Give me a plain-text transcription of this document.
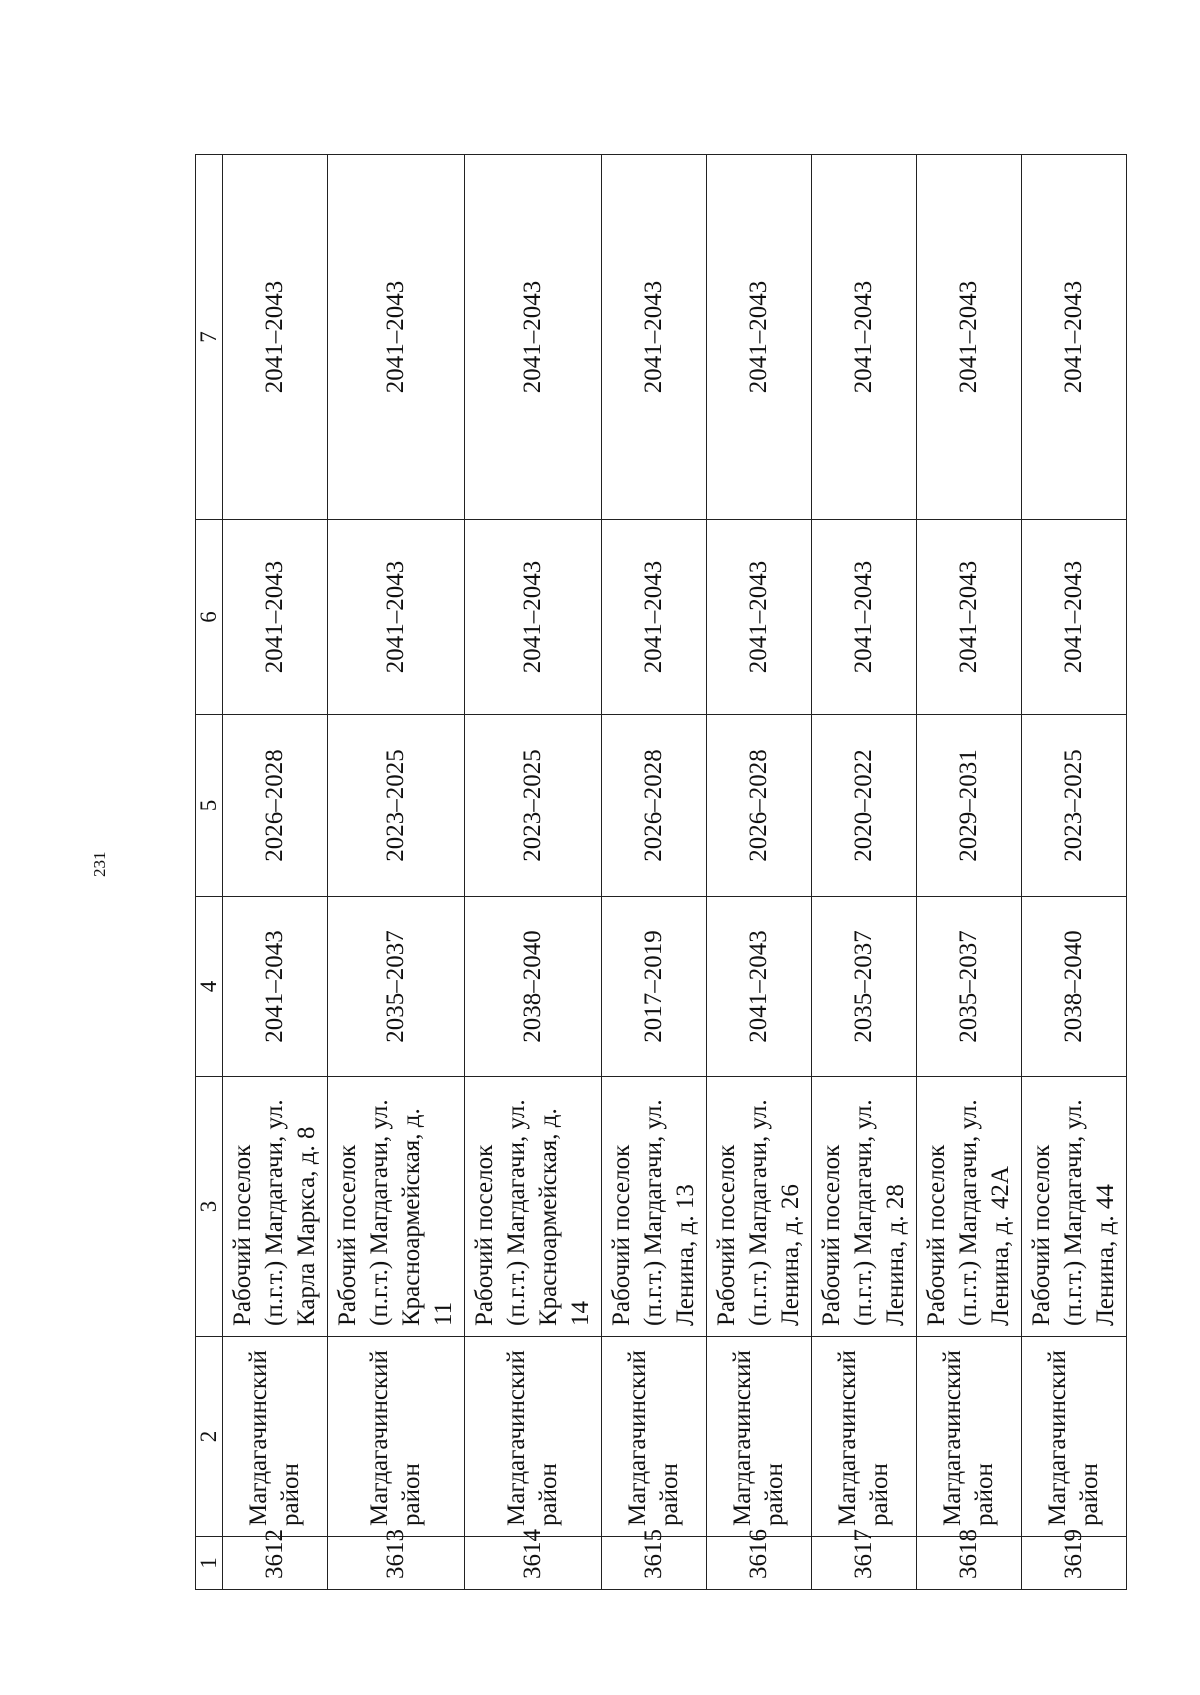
231
1	2	3	4	5	6	7
3612	Магдагачинский район	Рабочий поселок (п.г.т.) Магдагачи, ул. Карла Маркса, д. 8	2041–2043	2026–2028	2041–2043	2041–2043
3613	Магдагачинский район	Рабочий поселок (п.г.т.) Магдагачи, ул. Красноармейская, д. 11	2035–2037	2023–2025	2041–2043	2041–2043
3614	Магдагачинский район	Рабочий поселок (п.г.т.) Магдагачи, ул. Красноармейская, д. 14	2038–2040	2023–2025	2041–2043	2041–2043
3615	Магдагачинский район	Рабочий поселок (п.г.т.) Магдагачи, ул. Ленина, д. 13	2017–2019	2026–2028	2041–2043	2041–2043
3616	Магдагачинский район	Рабочий поселок (п.г.т.) Магдагачи, ул. Ленина, д. 26	2041–2043	2026–2028	2041–2043	2041–2043
3617	Магдагачинский район	Рабочий поселок (п.г.т.) Магдагачи, ул. Ленина, д. 28	2035–2037	2020–2022	2041–2043	2041–2043
3618	Магдагачинский район	Рабочий поселок (п.г.т.) Магдагачи, ул. Ленина, д. 42А	2035–2037	2029–2031	2041–2043	2041–2043
3619	Магдагачинский район	Рабочий поселок (п.г.т.) Магдагачи, ул. Ленина, д. 44	2038–2040	2023–2025	2041–2043	2041–2043
